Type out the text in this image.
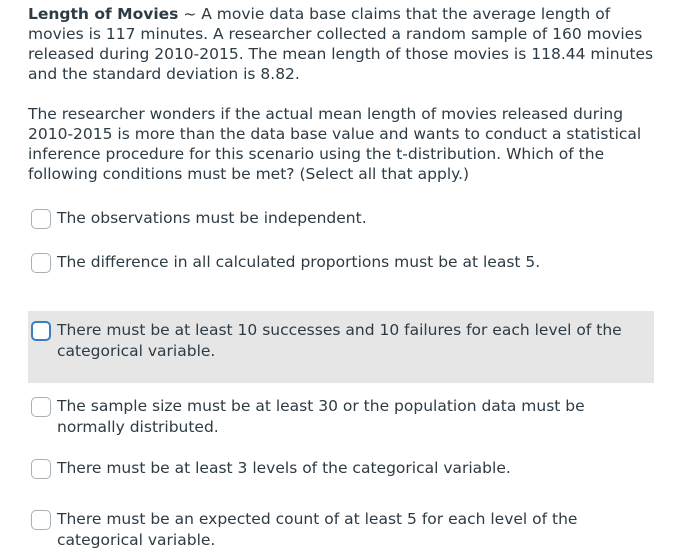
Length of Movies ~ A movie data base claims that the average length of movies is 117 minutes. A researcher collected a random sample of 160 movies released during 2010-2015. The mean length of those movies is 118.44 minutes and the standard deviation is 8.82.

The researcher wonders if the actual mean length of movies released during 2010-2015 is more than the data base value and wants to conduct a statistical inference procedure for this scenario using the t-distribution. Which of the following conditions must be met? (Select all that apply.)

The observations must be independent.
The difference in all calculated proportions must be at least 5.
There must be at least 10 successes and 10 failures for each level of the categorical variable.
The sample size must be at least 30 or the population data must be normally distributed.
There must be at least 3 levels of the categorical variable.
There must be an expected count of at least 5 for each level of the categorical variable.
